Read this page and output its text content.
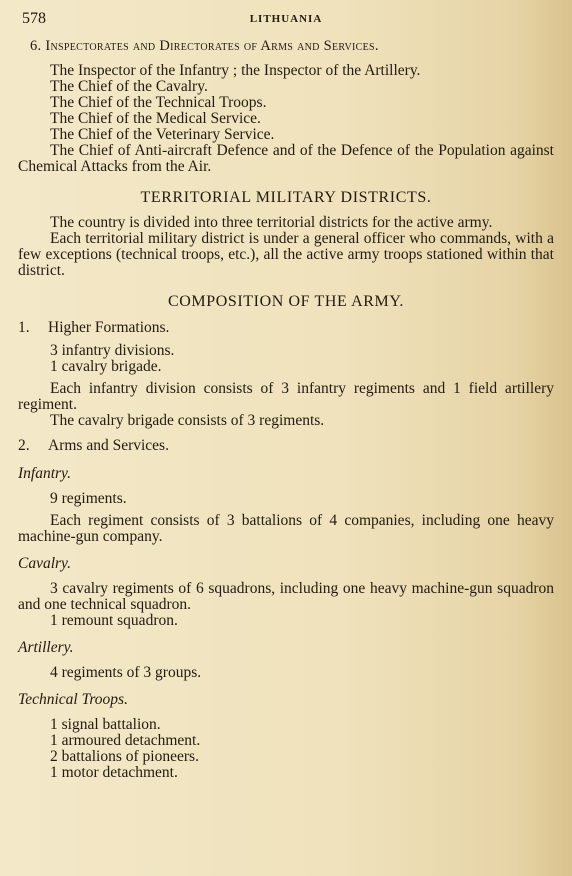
578	LITHUANIA
6. Inspectorates and Directorates of Arms and Services.

The Inspector of the Infantry ; the Inspector of the Artillery.

The Chief of the Cavalry.

The Chief of the Technical Troops.

The Chief of the Medical Service.

The Chief of the Veterinary Service.

The Chief of Anti-aircraft Defence and of the Defence of the Population against Chemical Attacks from the Air.

TERRITORIAL MILITARY DISTRICTS.

The country is divided into three territorial districts for the active army.

Each territorial military district is under a general officer who commands, with a few exceptions (technical troops, etc.), all the active army troops stationed within that district.

COMPOSITION OF THE ARMY.
1. Higher Formations.

3 infantry divisions.

1 cavalry brigade.

Each infantry division consists of 3 infantry regiments and 1 field artillery regiment.

The cavalry brigade consists of 3 regiments.

2. Arms and Services.
Infantry.

9 regiments.

Each regiment consists of 3 battalions of 4 companies, including one heavy machine-gun company.

Cavalry.

3 cavalry regiments of 6 squadrons, including one heavy machine-gun squadron and one technical squadron.

1 remount squadron.

Artillery.

4 regiments of 3 groups.

Technical Troops.

1 signal battalion.

1 armoured detachment.

2 battalions of pioneers.

1 motor detachment.
